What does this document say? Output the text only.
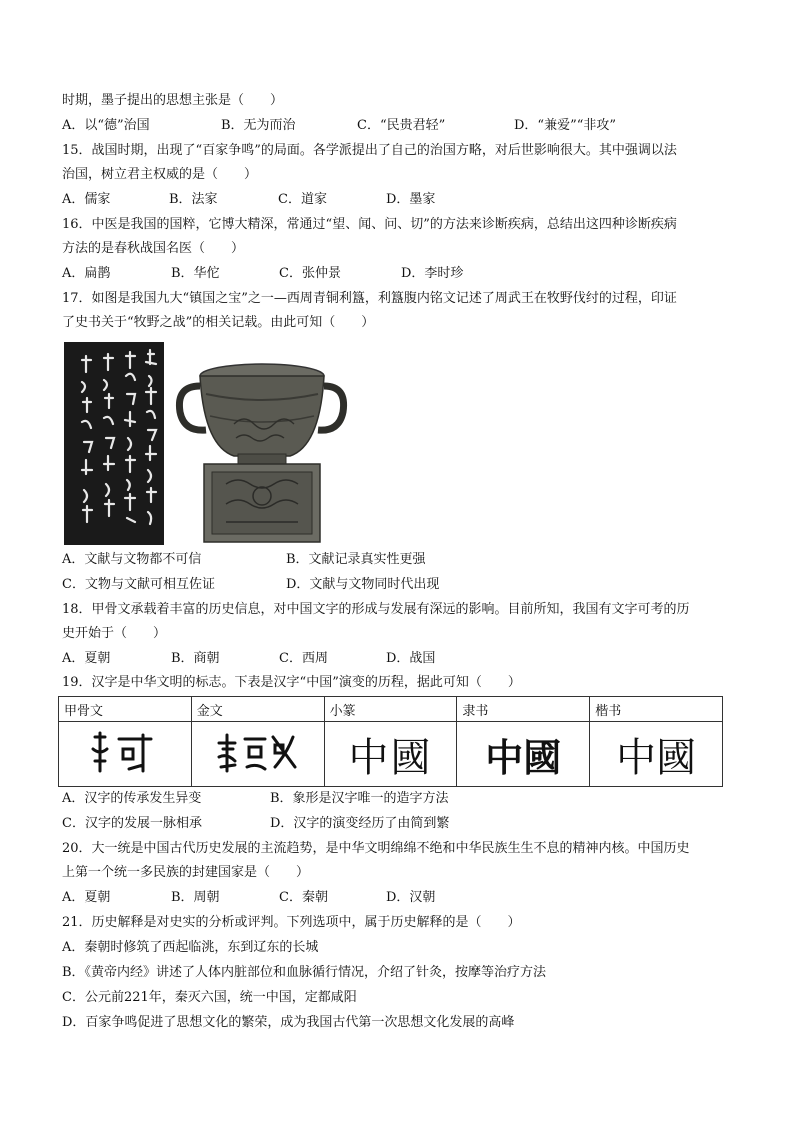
时期，墨子提出的思想主张是（　　）
A．以“德”治国	B．无为而治	C．“民贵君轻”	D．“兼爱”“非攻”
15．战国时期，出现了“百家争鸣”的局面。各学派提出了自己的治国方略，对后世影响很大。其中强调以法
治国，树立君主权威的是（　　）
A．儒家	B．法家	C．道家	D．墨家
16．中医是我国的国粹，它博大精深，常通过“望、闻、问、切”的方法来诊断疾病，总结出这四种诊断疾病
方法的是春秋战国名医（　　）
A．扁鹊	B．华佗	C．张仲景	D．李时珍
17．如图是我国九大“镇国之宝”之一—西周青铜利簋，利簋腹内铭文记述了周武王在牧野伐纣的过程，印证
了史书关于“牧野之战”的相关记载。由此可知（　　）
A．文献与文物都不可信	B．文献记录真实性更强
C．文物与文献可相互佐证	D．文献与文物同时代出现
18．甲骨文承载着丰富的历史信息，对中国文字的形成与发展有深远的影响。目前所知，我国有文字可考的历
史开始于（　　）
A．夏朝	B．商朝	C．西周	D．战国
19．汉字是中华文明的标志。下表是汉字“中国”演变的历程，据此可知（　　）
甲骨文	金文	小篆	隶书	楷书
		中國	中國	中國
A．汉字的传承发生异变	B．象形是汉字唯一的造字方法
C．汉字的发展一脉相承	D．汉字的演变经历了由简到繁
20．大一统是中国古代历史发展的主流趋势，是中华文明绵绵不绝和中华民族生生不息的精神内核。中国历史
上第一个统一多民族的封建国家是（　　）
A．夏朝	B．周朝	C．秦朝	D．汉朝
21．历史解释是对史实的分析或评判。下列选项中，属于历史解释的是（　　）
A．秦朝时修筑了西起临洮，东到辽东的长城
B．《黄帝内经》讲述了人体内脏部位和血脉循行情况，介绍了针灸，按摩等治疗方法
C．公元前221年，秦灭六国，统一中国，定都咸阳
D．百家争鸣促进了思想文化的繁荣，成为我国古代第一次思想文化发展的高峰
